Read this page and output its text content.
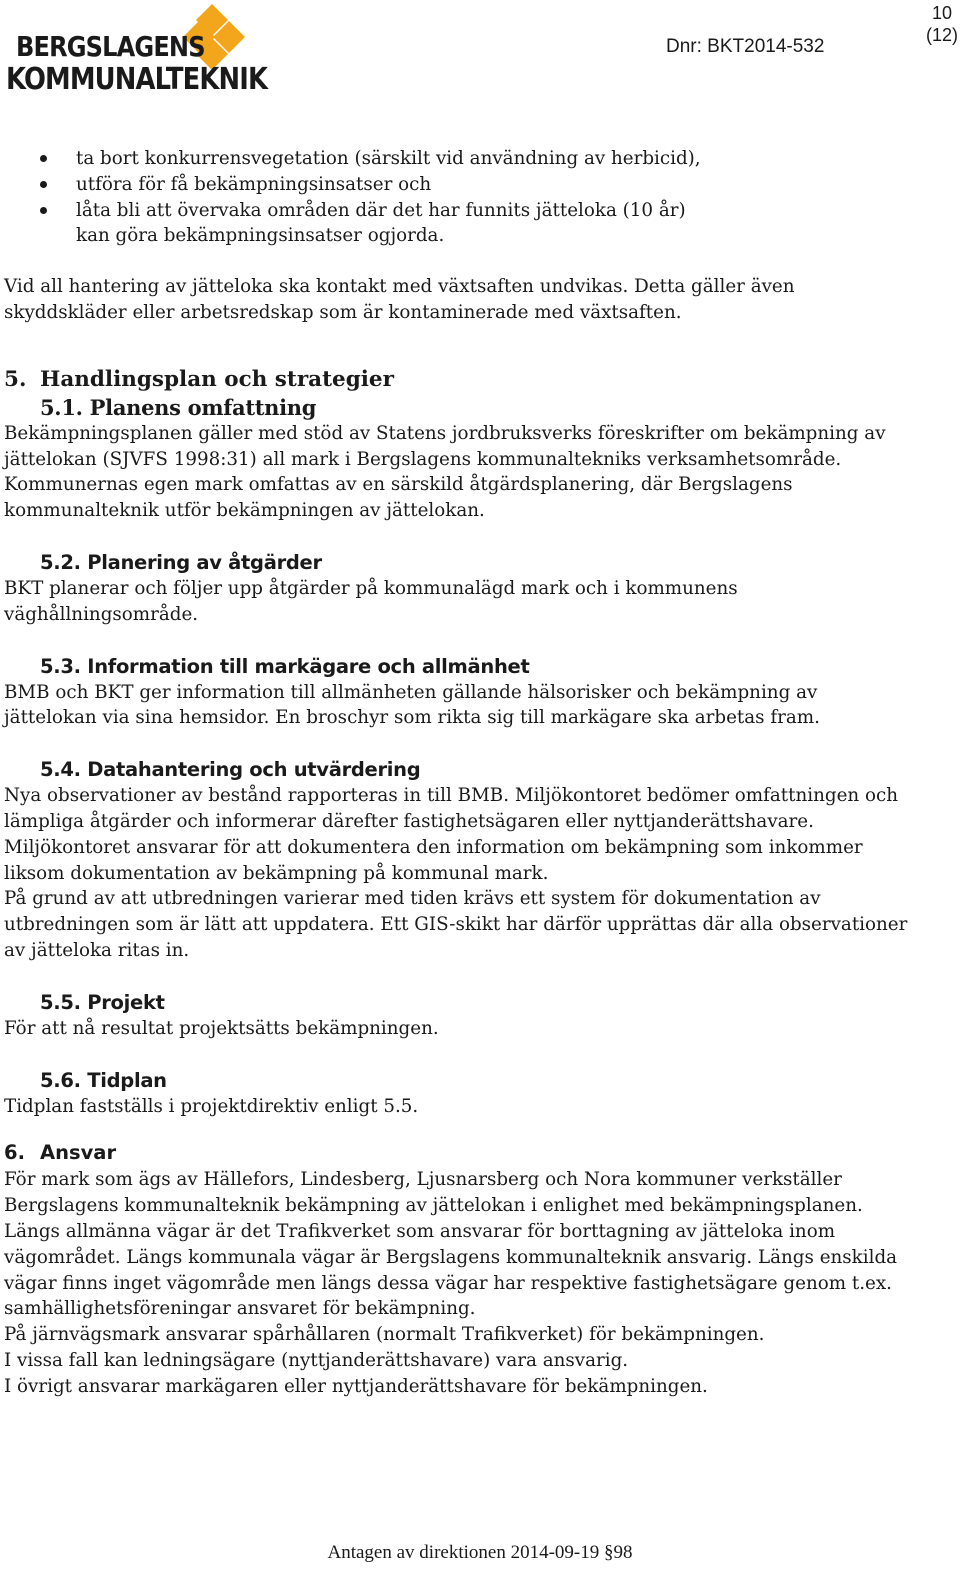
BERGSLAGENS
KOMMUNALTEKNIK
Dnr: BKT2014-532
10
(12)
ta bort konkurrensvegetation (särskilt vid användning av herbicid),
utföra för få bekämpningsinsatser och
låta bli att övervaka områden där det har funnits jätteloka (10 år) kan göra bekämpningsinsatser ogjorda.

Vid all hantering av jätteloka ska kontakt med växtsaften undvikas. Detta gäller även skyddskläder eller arbetsredskap som är kontaminerade med växtsaften.

5. Handlingsplan och strategier
5.1. Planens omfattning

Bekämpningsplanen gäller med stöd av Statens jordbruksverks föreskrifter om bekämpning av jättelokan (SJVFS 1998:31) all mark i Bergslagens kommunaltekniks verksamhetsområde. Kommunernas egen mark omfattas av en särskild åtgärdsplanering, där Bergslagens kommunalteknik utför bekämpningen av jättelokan.

5.2. Planering av åtgärder

BKT planerar och följer upp åtgärder på kommunalägd mark och i kommunens väghållningsområde.

5.3. Information till markägare och allmänhet

BMB och BKT ger information till allmänheten gällande hälsorisker och bekämpning av jättelokan via sina hemsidor. En broschyr som rikta sig till markägare ska arbetas fram.

5.4. Datahantering och utvärdering

Nya observationer av bestånd rapporteras in till BMB. Miljökontoret bedömer omfattningen och lämpliga åtgärder och informerar därefter fastighetsägaren eller nyttjanderättshavare.

Miljökontoret ansvarar för att dokumentera den information om bekämpning som inkommer liksom dokumentation av bekämpning på kommunal mark.

På grund av att utbredningen varierar med tiden krävs ett system för dokumentation av utbredningen som är lätt att uppdatera. Ett GIS-skikt har därför upprättas där alla observationer av jätteloka ritas in.

5.5. Projekt

För att nå resultat projektsätts bekämpningen.

5.6. Tidplan

Tidplan fastställs i projektdirektiv enligt 5.5.

6. Ansvar

För mark som ägs av Hällefors, Lindesberg, Ljusnarsberg och Nora kommuner verkställer Bergslagens kommunalteknik bekämpning av jättelokan i enlighet med bekämpningsplanen.

Längs allmänna vägar är det Trafikverket som ansvarar för borttagning av jätteloka inom vägområdet. Längs kommunala vägar är Bergslagens kommunalteknik ansvarig. Längs enskilda vägar finns inget vägområde men längs dessa vägar har respektive fastighetsägare genom t.ex. samhällighetsföreningar ansvaret för bekämpning.

På järnvägsmark ansvarar spårhållaren (normalt Trafikverket) för bekämpningen.

I vissa fall kan ledningsägare (nyttjanderättshavare) vara ansvarig.

I övrigt ansvarar markägaren eller nyttjanderättshavare för bekämpningen.

Antagen av direktionen 2014-09-19 §98
